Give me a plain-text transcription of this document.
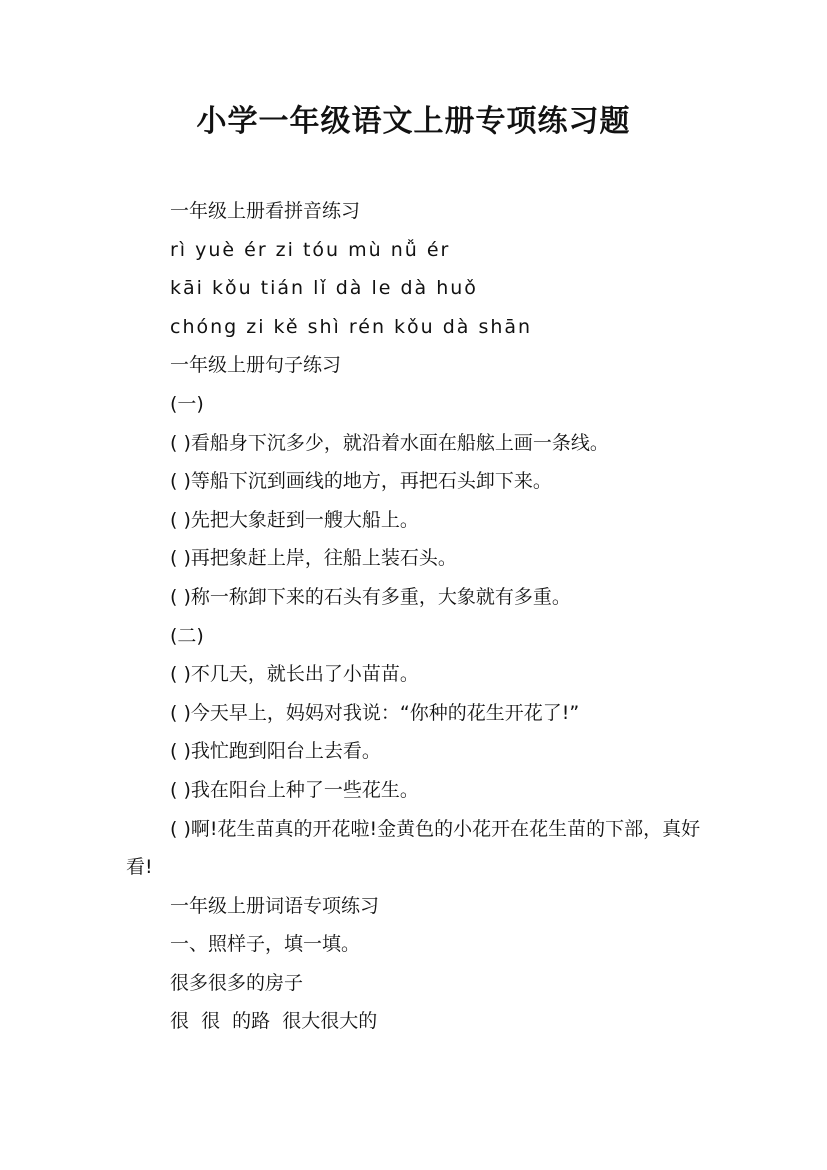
小学一年级语文上册专项练习题
一年级上册看拼音练习
rì yuè ér zi tóu mù nǚ ér
kāi kǒu tián lǐ dà le dà huǒ
chóng zi kě shì rén kǒu dà shān
一年级上册句子练习
(一)
( )看船身下沉多少，就沿着水面在船舷上画一条线。
( )等船下沉到画线的地方，再把石头卸下来。
( )先把大象赶到一艘大船上。
( )再把象赶上岸，往船上装石头。
( )称一称卸下来的石头有多重，大象就有多重。
(二)
( )不几天，就长出了小苗苗。
( )今天早上，妈妈对我说：“你种的花生开花了!”
( )我忙跑到阳台上去看。
( )我在阳台上种了一些花生。
( )啊!花生苗真的开花啦!金黄色的小花开在花生苗的下部，真好看!
一年级上册词语专项练习
一、照样子，填一填。
很多很多的房子
很  很  的路  很大很大的
